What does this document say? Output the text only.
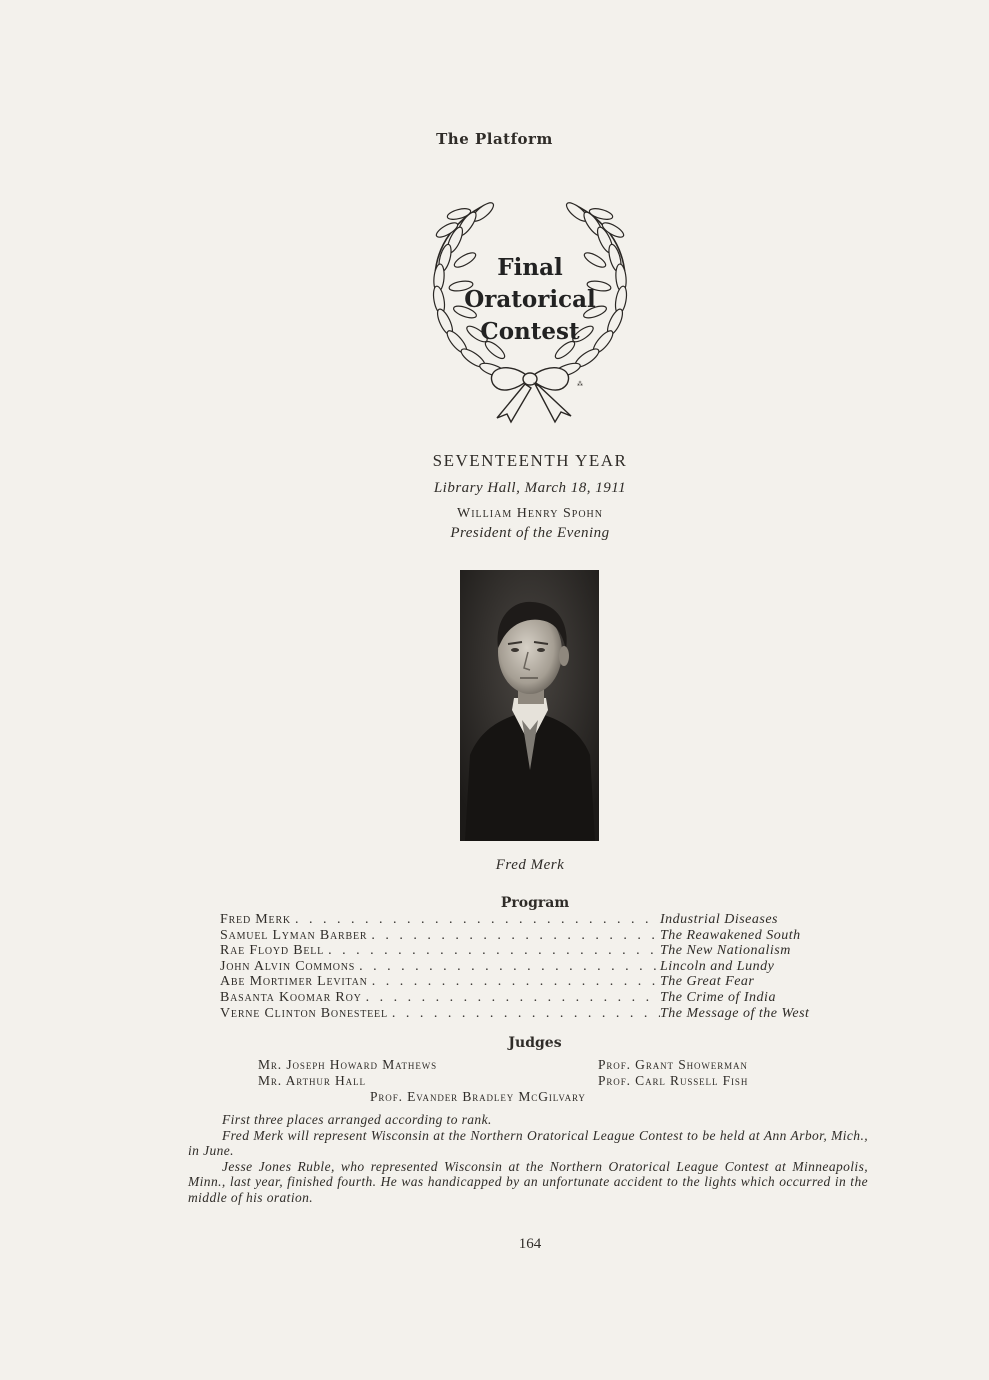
The Platform
⁂
Final
Oratorical
Contest
SEVENTEENTH YEAR
Library Hall, March 18, 1911
William Henry Spohn
President of the Evening
Fred Merk
Program
Fred Merk . . .	Industrial Diseases
Samuel Lyman Barber . . .	The Reawakened South
Rae Floyd Bell . . .	The New Nationalism
John Alvin Commons . . .	Lincoln and Lundy
Abe Mortimer Levitan . . .	The Great Fear
Basanta Koomar Roy . . .	The Crime of India
Verne Clinton Bonesteel . . .	The Message of the West
Judges
Mr. Joseph Howard Mathews	Prof. Grant Showerman
Mr. Arthur Hall	Prof. Carl Russell Fish
Prof. Evander Bradley McGilvary

First three places arranged according to rank.

Fred Merk will represent Wisconsin at the Northern Oratorical League Contest to be held at Ann Arbor, Mich., in June.

Jesse Jones Ruble, who represented Wisconsin at the Northern Oratorical League Contest at Minneapolis, Minn., last year, finished fourth. He was handicapped by an unfortunate accident to the lights which occurred in the middle of his oration.

164
